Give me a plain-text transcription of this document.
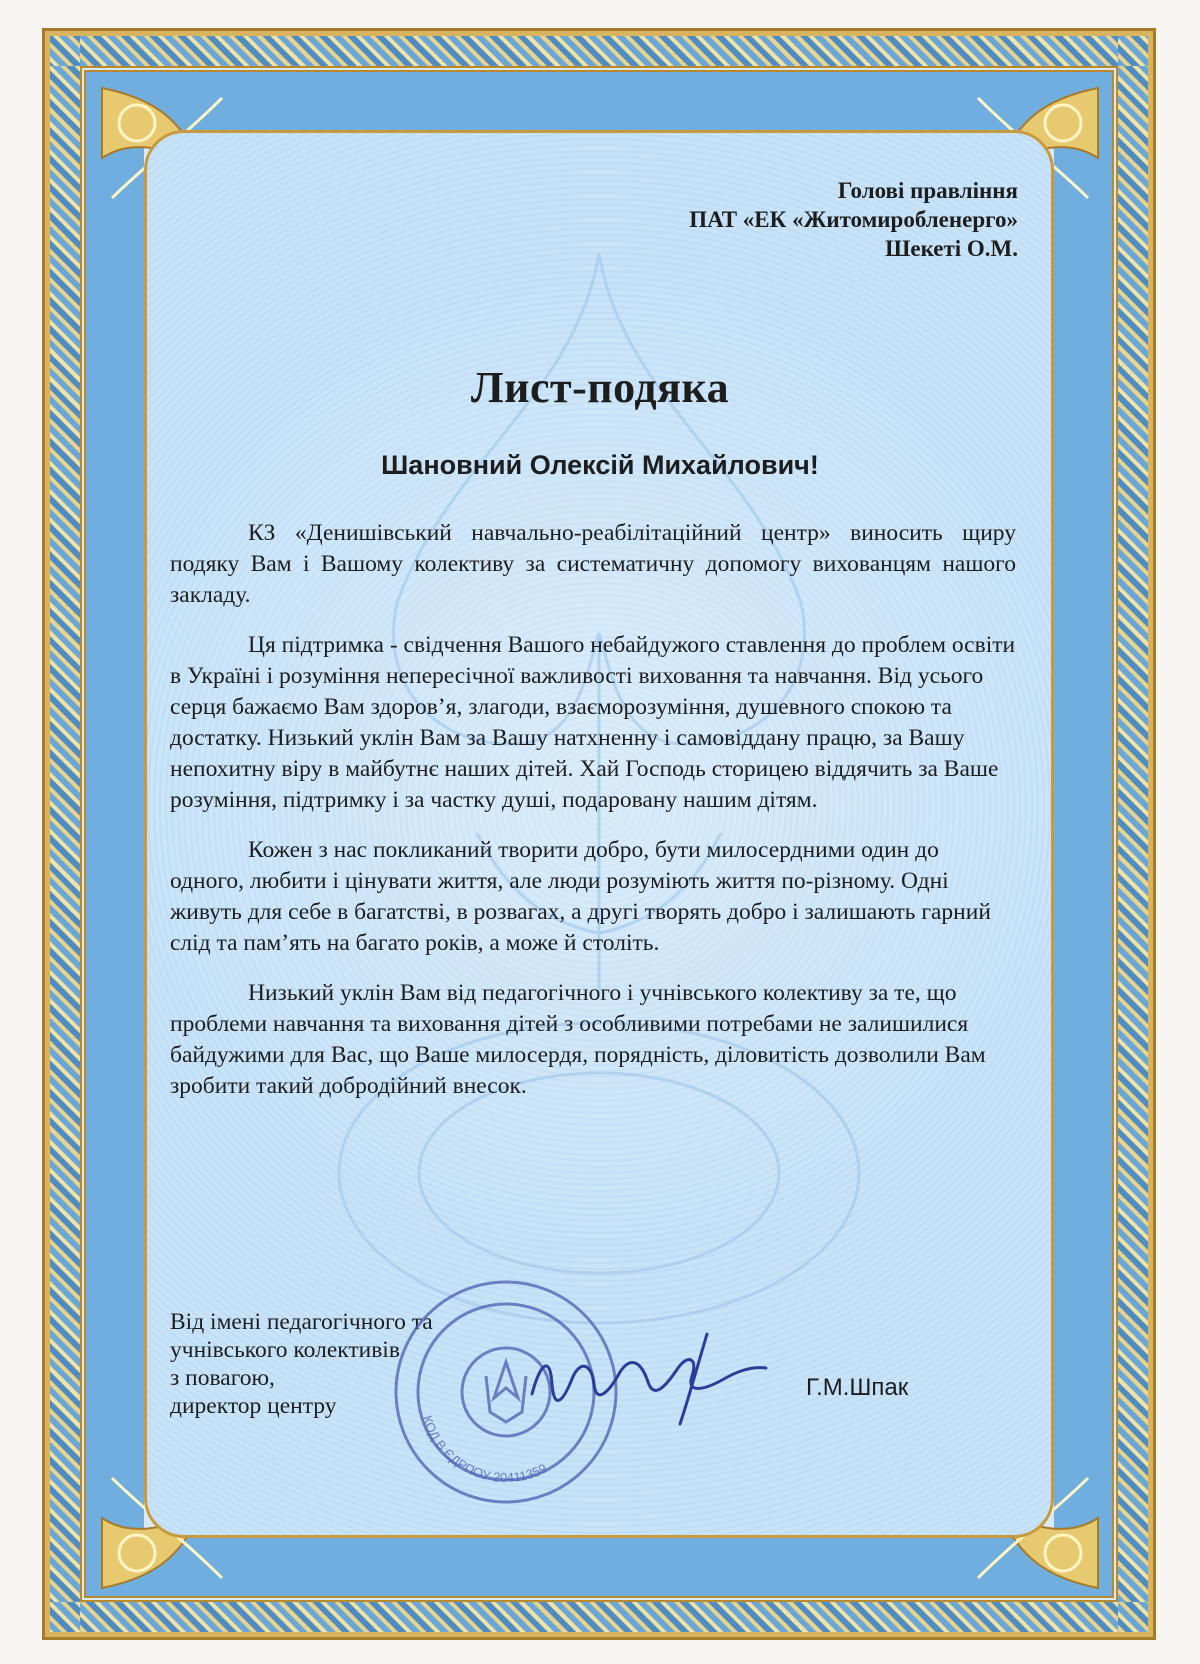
Голові правління
ПАТ «ЕК «Житомиробленерго»
Шекеті О.М.
Лист-подяка
Шановний Олексій Михайлович!

КЗ «Денишівський навчально-реабілітаційний центр» виносить щиру подяку Вам і Вашому колективу за систематичну допомогу вихованцям нашого закладу.

Ця підтримка - свідчення Вашого небайдужого ставлення до проблем освіти в Україні і розуміння непересічної важливості виховання та навчання. Від усього серця бажаємо Вам здоров’я, злагоди, взаєморозуміння, душевного спокою та достатку. Низький уклін Вам за Вашу натхненну і самовіддану працю, за Вашу непохитну віру в майбутнє наших дітей. Хай Господь сторицею віддячить за Ваше розуміння, підтримку і за частку душі, подаровану нашим дітям.

Кожен з нас покликаний творити добро, бути милосердними один до одного, любити і цінувати життя, але люди розуміють життя по-різному. Одні живуть для себе в багатстві, в розвагах, а другі творять добро і залишають гарний слід та пам’ять на багато років, а може й століть.

Низький уклін Вам від педагогічного і учнівського колективу за те, що проблеми навчання та виховання дітей з особливими потребами не залишилися байдужими для Вас, що Ваше милосердя, порядність, діловитість дозволили Вам зробити такий добродійний внесок.

Від імені педагогічного та
учнівського колективів
з повагою,
директор центру
КОД В ЄДРПОУ 20411359
Г.М.Шпак
